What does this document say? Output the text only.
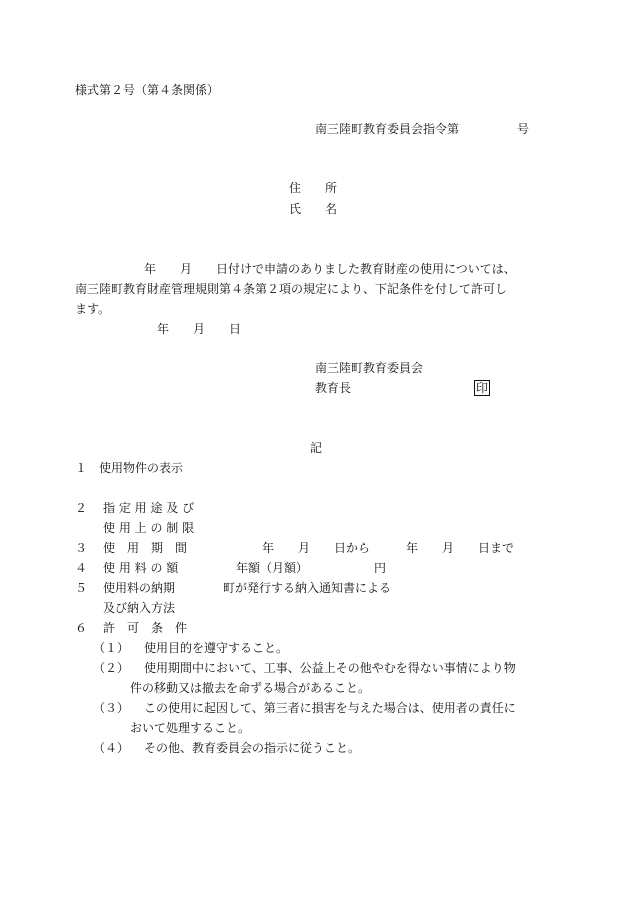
様式第２号（第４条関係）
南三陸町教育委員会指令第	号
住　　所
氏　　名
年　　月　　日付けで申請のありました教育財産の使用については、
南三陸町教育財産管理規則第４条第２項の規定により、下記条件を付して許可し
ます。
年　　月　　日
南三陸町教育委員会
教育長	印
記
１　使用物件の表示
２ 指 定 用 途 及 び
使 用 上 の 制 限
３ 使　用　期　間	年　　月　　日から　　　年　　月　　日まで
４ 使 用 料 の 額	年額（月額）　　　　　　円
５ 使用料の納期	町が発行する納入通知書による
及び納入方法
６ 許　可　条　件
（１） 使用目的を遵守すること。
（２） 使用期間中において、工事、公益上その他やむを得ない事情により物
件の移動又は撤去を命ずる場合があること。
（３） この使用に起因して、第三者に損害を与えた場合は、使用者の責任に
おいて処理すること。
（４） その他、教育委員会の指示に従うこと。
